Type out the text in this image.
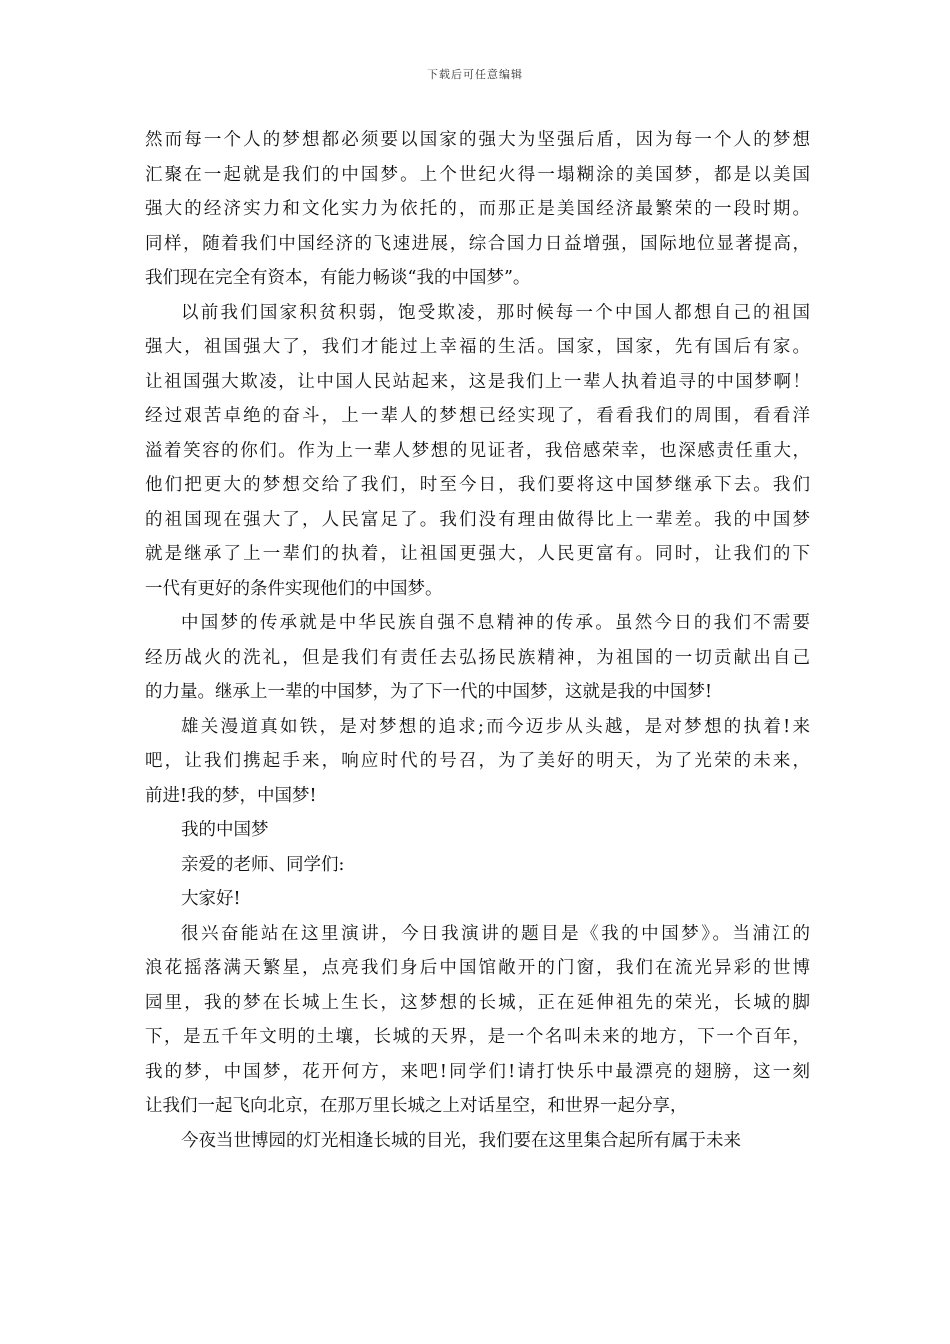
下载后可任意编辑
然而每一个人的梦想都必须要以国家的强大为坚强后盾，因为每一个人的梦想
汇聚在一起就是我们的中国梦。上个世纪火得一塌糊涂的美国梦，都是以美国
强大的经济实力和文化实力为依托的，而那正是美国经济最繁荣的一段时期。
同样，随着我们中国经济的飞速进展，综合国力日益增强，国际地位显著提高，
我们现在完全有资本，有能力畅谈“我的中国梦”。
以前我们国家积贫积弱，饱受欺凌，那时候每一个中国人都想自己的祖国
强大，祖国强大了，我们才能过上幸福的生活。国家，国家，先有国后有家。
让祖国强大欺凌，让中国人民站起来，这是我们上一辈人执着追寻的中国梦啊！
经过艰苦卓绝的奋斗，上一辈人的梦想已经实现了，看看我们的周围，看看洋
溢着笑容的你们。作为上一辈人梦想的见证者，我倍感荣幸，也深感责任重大，
他们把更大的梦想交给了我们，时至今日，我们要将这中国梦继承下去。我们
的祖国现在强大了，人民富足了。我们没有理由做得比上一辈差。我的中国梦
就是继承了上一辈们的执着，让祖国更强大，人民更富有。同时，让我们的下
一代有更好的条件实现他们的中国梦。
中国梦的传承就是中华民族自强不息精神的传承。虽然今日的我们不需要
经历战火的洗礼，但是我们有责任去弘扬民族精神，为祖国的一切贡献出自己
的力量。继承上一辈的中国梦，为了下一代的中国梦，这就是我的中国梦!
雄关漫道真如铁，是对梦想的追求;而今迈步从头越，是对梦想的执着!来
吧，让我们携起手来，响应时代的号召，为了美好的明天，为了光荣的未来，
前进!我的梦，中国梦!
我的中国梦
亲爱的老师、同学们:
大家好!
很兴奋能站在这里演讲，今日我演讲的题目是《我的中国梦》。当浦江的
浪花摇落满天繁星，点亮我们身后中国馆敞开的门窗，我们在流光异彩的世博
园里，我的梦在长城上生长，这梦想的长城，正在延伸祖先的荣光，长城的脚
下，是五千年文明的土壤，长城的天界，是一个名叫未来的地方，下一个百年，
我的梦，中国梦，花开何方，来吧!同学们!请打快乐中最漂亮的翅膀，这一刻
让我们一起飞向北京，在那万里长城之上对话星空，和世界一起分享，
今夜当世博园的灯光相逢长城的目光，我们要在这里集合起所有属于未来
